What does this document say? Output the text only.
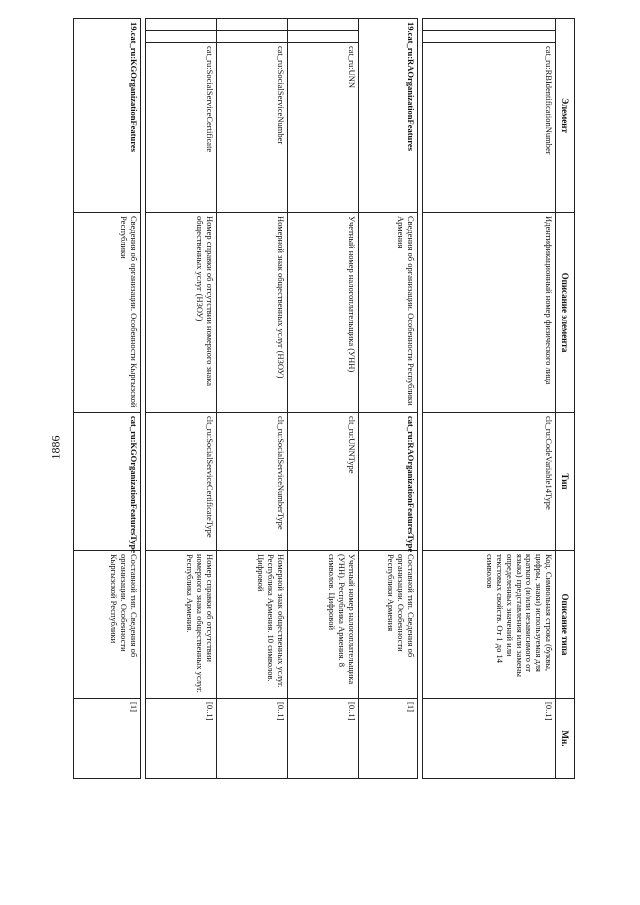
1886
Элемент			Описание элемента	Тип	Описание типа	Мн.
		cat_ru:RBIdentificationNumber	Идентификационный номер физического лица	clt_ru:CodeVariable14Type	Код. Символьная строка (буквы, цифры, знаки) используемая для краткого (и/или независимого от языка) представления или замены определенных значений или текстовых свойств. От 1 до 14 символов	[0..1]

19.cat_ru:RAOrganizationFeatures			Сведения об организации. Особенности Республики Армения	cat_ru:RAOrganizationFeaturesType	Составной тип. Сведения об организации. Особенности Республики Армения	[1]
		cat_ru:UNN	Учетный номер налогоплательщика (УНН)	clt_ru:UNNType	Учетный номер налогоплательщика (УНН). Республика Армения. 8 символов. Цифровой	[0..1]
		cat_ru:SocialServiceNumber	Номерной знак общественных услуг (НЗОУ)	clt_ru:SocialServiceNumberType	Номерной знак общественных услуг. Республика Армения. 10 символов. Цифровой	[0..1]
		cat_ru:SocialServiceCertificate	Номер справки об отсутствии номерного знака общественных услуг (НЗОУ)	clt_ru:SocialServiceCertificateType	Номер справки об отсутствии номерного знака общественных услуг. Республика Армения.	[0..1]

19.cat_ru:KGOrganizationFeatures			Сведения об организации. Особенности Кыргызской Республики	cat_ru:KGOrganizationFeaturesType	Составной тип. Сведения об организации. Особенности Кыргызской Республики	[1]
